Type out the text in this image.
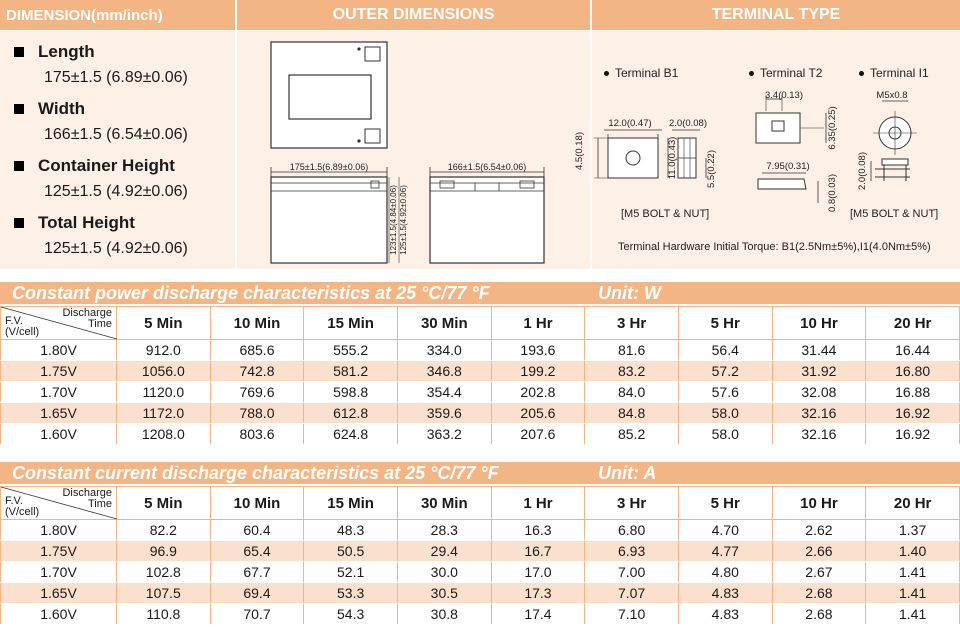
DIMENSION(mm/inch)	OUTER DIMENSIONS	TERMINAL TYPE
Length
175±1.5 (6.89±0.06)
Width
166±1.5 (6.54±0.06)
Container Height
125±1.5 (4.92±0.06)
Total Height
125±1.5 (4.92±0.06)
175±1.5(6.89±0.06)	166±1.5(6.54±0.06)
123±1.5(4.84±0.06) 125±1.5(4.92±0.06)
Terminal B1	Terminal T2	Terminal I1
12.0(0.47) 2.0(0.08)
4.5(0.18)	11.0(0.43)	5.5(0.22)
3.4(0.13)
6.35(0.25)
7.95(0.31)
0.8(0.03)
M5x0.8
2.0(0.08)
[M5 BOLT & NUT]	[M5 BOLT & NUT]
Terminal Hardware Initial Torque: B1(2.5Nm±5%),I1(4.0Nm±5%)
Constant power discharge characteristics at 25 °C/77 °F	Unit: W
Discharge
Time
F.V.
(V/cell)	5 Min	10 Min	15 Min	30 Min	1 Hr	3 Hr	5 Hr	10 Hr	20 Hr
1.80V	912.0	685.6	555.2	334.0	193.6	81.6	56.4	31.44	16.44
1.75V	1056.0	742.8	581.2	346.8	199.2	83.2	57.2	31.92	16.80
1.70V	1120.0	769.6	598.8	354.4	202.8	84.0	57.6	32.08	16.88
1.65V	1172.0	788.0	612.8	359.6	205.6	84.8	58.0	32.16	16.92
1.60V	1208.0	803.6	624.8	363.2	207.6	85.2	58.0	32.16	16.92
Constant current discharge characteristics at 25 °C/77 °F	Unit: A
Discharge
Time
F.V.
(V/cell)	5 Min	10 Min	15 Min	30 Min	1 Hr	3 Hr	5 Hr	10 Hr	20 Hr
1.80V	82.2	60.4	48.3	28.3	16.3	6.80	4.70	2.62	1.37
1.75V	96.9	65.4	50.5	29.4	16.7	6.93	4.77	2.66	1.40
1.70V	102.8	67.7	52.1	30.0	17.0	7.00	4.80	2.67	1.41
1.65V	107.5	69.4	53.3	30.5	17.3	7.07	4.83	2.68	1.41
1.60V	110.8	70.7	54.3	30.8	17.4	7.10	4.83	2.68	1.41
